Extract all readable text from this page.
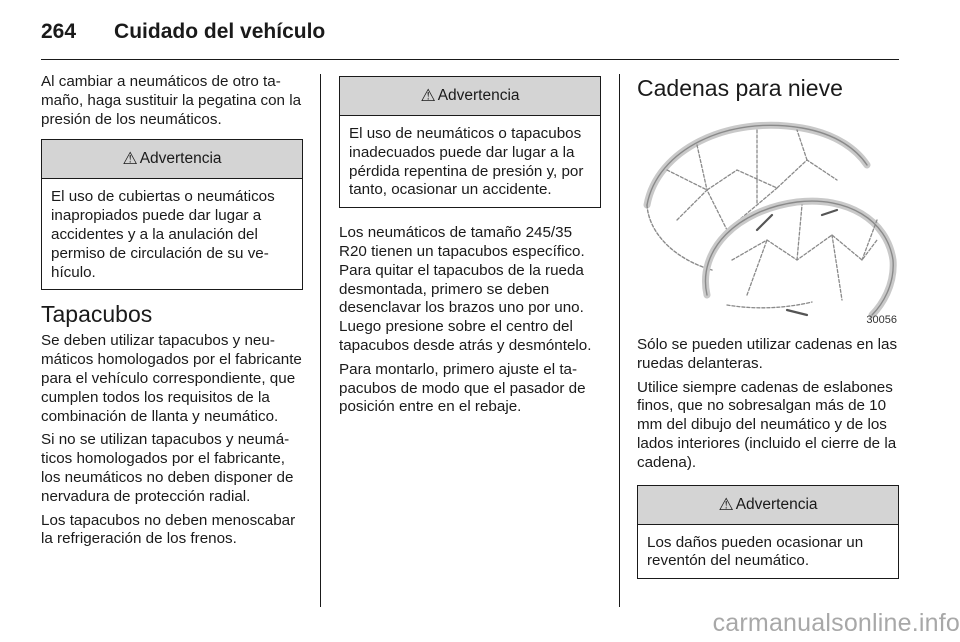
264 Cuidado del vehículo

Al cambiar a neumáticos de otro tamaño, haga sustituir la pegatina con la presión de los neumáticos.

⚠ Advertencia
El uso de cubiertas o neumáticos inapropiados puede dar lugar a accidentes y a la anulación del permiso de circulación de su vehículo.
Tapacubos

Se deben utilizar tapacubos y neumáticos homologados por el fabricante para el vehículo correspondiente, que cumplen todos los requisitos de la combinación de llanta y neumático.

Si no se utilizan tapacubos y neumáticos homologados por el fabricante, los neumáticos no deben disponer de nervadura de protección radial.

Los tapacubos no deben menoscabar la refrigeración de los frenos.

⚠ Advertencia
El uso de neumáticos o tapacubos inadecuados puede dar lugar a la pérdida repentina de presión y, por tanto, ocasionar un accidente.

Los neumáticos de tamaño 245/35 R20 tienen un tapacubos específico. Para quitar el tapacubos de la rueda desmontada, primero se deben desenclavar los brazos uno por uno. Luego presione sobre el centro del tapacubos desde atrás y desmóntelo.

Para montarlo, primero ajuste el tapacubos de modo que el pasador de posición entre en el rebaje.

Cadenas para nieve
30056

Sólo se pueden utilizar cadenas en las ruedas delanteras.

Utilice siempre cadenas de eslabones finos, que no sobresalgan más de 10 mm del dibujo del neumático y de los lados interiores (incluido el cierre de la cadena).

⚠ Advertencia
Los daños pueden ocasionar un reventón del neumático.
carmanualsonline.info
